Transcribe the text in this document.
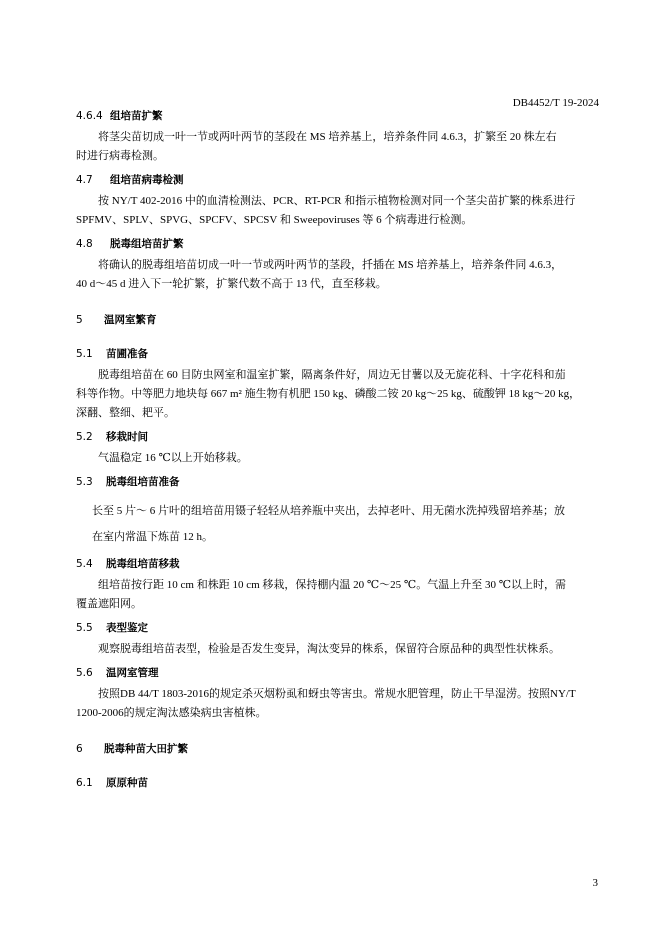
DB4452/T 19-2024
4.6.4 组培苗扩繁
将茎尖苗切成一叶一节或两叶两节的茎段在 MS 培养基上，培养条件同 4.6.3，扩繁至 20 株左右
时进行病毒检测。
4.7 组培苗病毒检测
按 NY/T 402-2016 中的血清检测法、PCR、RT-PCR 和指示植物检测对同一个茎尖苗扩繁的株系进行
SPFMV、SPLV、SPVG、SPCFV、SPCSV 和 Sweepoviruses 等 6 个病毒进行检测。
4.8 脱毒组培苗扩繁
将确认的脱毒组培苗切成一叶一节或两叶两节的茎段，扦插在 MS 培养基上，培养条件同 4.6.3，
40 d～45 d 进入下一轮扩繁，扩繁代数不高于 13 代，直至移栽。
5 温网室繁育
5.1 苗圃准备
脱毒组培苗在 60 目防虫网室和温室扩繁，隔离条件好，周边无甘薯以及无旋花科、十字花科和茄
科等作物。中等肥力地块每 667 m² 施生物有机肥 150 kg、磷酸二铵 20 kg～25 kg、硫酸钾 18 kg～20 kg，
深翻、整细、耙平。
5.2 移栽时间
气温稳定 16 ℃以上开始移栽。
5.3 脱毒组培苗准备
长至 5 片～ 6 片叶的组培苗用镊子轻轻从培养瓶中夹出，去掉老叶、用无菌水洗掉残留培养基；放
在室内常温下炼苗 12 h。
5.4 脱毒组培苗移栽
组培苗按行距 10 cm 和株距 10 cm 移栽，保持棚内温 20 ℃～25 ℃。气温上升至 30 ℃以上时，需
覆盖遮阳网。
5.5 表型鉴定
观察脱毒组培苗表型，检验是否发生变异，淘汰变异的株系，保留符合原品种的典型性状株系。
5.6 温网室管理
按照DB 44/T 1803-2016的规定杀灭烟粉虱和蚜虫等害虫。常规水肥管理，防止干旱湿涝。按照NY/T
1200-2006的规定淘汰感染病虫害植株。
6 脱毒种苗大田扩繁
6.1 原原种苗
3
